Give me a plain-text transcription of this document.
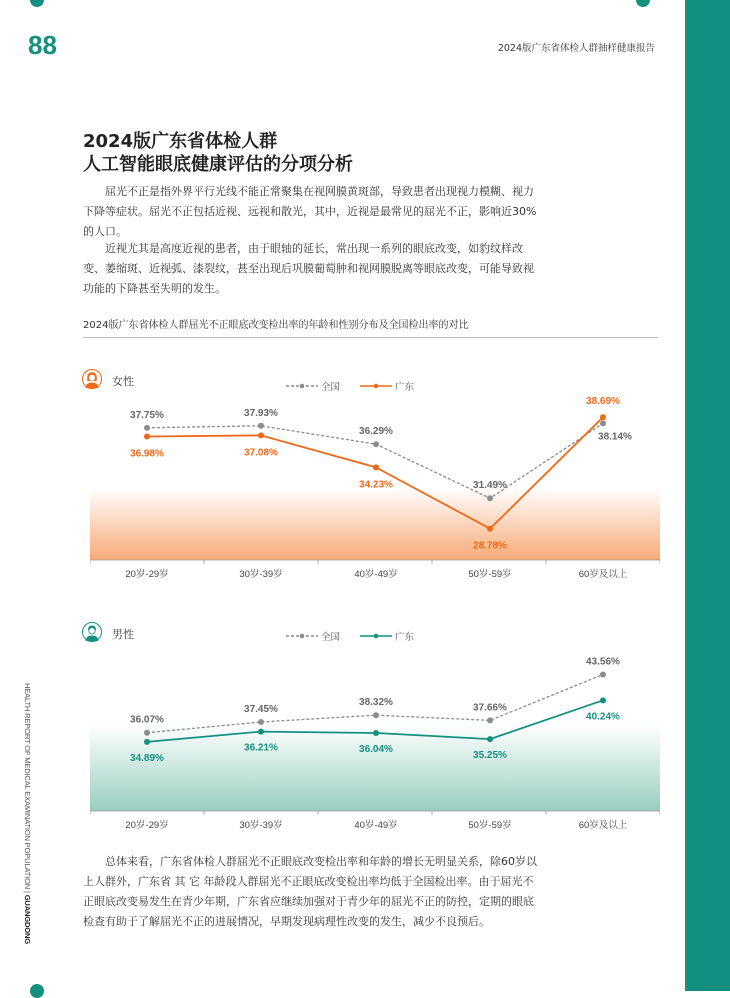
88	2024版广东省体检人群抽样健康报告
HEALTH REPORT OF MEDICAL EXAMINATION POPULATION | GUANGDONG
2024版广东省体检人群
人工智能眼底健康评估的分项分析
屈光不正是指外界平行光线不能正常聚集在视网膜黄斑部，导致患者出现视力模糊、视力下降等症状。屈光不正包括近视、远视和散光，其中，近视是最常见的屈光不正，影响近30%的人口。
近视尤其是高度近视的患者，由于眼轴的延长，常出现一系列的眼底改变，如豹纹样改变、萎缩斑、近视弧、漆裂纹，甚至出现后巩膜葡萄肿和视网膜脱离等眼底改变，可能导致视功能的下降甚至失明的发生。
2024版广东省体检人群屈光不正眼底改变检出率的年龄和性别分布及全国检出率的对比
女性	全国	广东
20岁-29岁	30岁-39岁	40岁-49岁	50岁-59岁	60岁及以上
37.75%	37.93%
36.29%
31.49%
38.14%
36.98%	37.08%
34.23%
28.78%
38.69%
男性	全国	广东
20岁-29岁	30岁-39岁	40岁-49岁	50岁-59岁	60岁及以上
36.07%
37.45%
38.32%	37.66%
43.56%
34.89%
36.21%	36.04%
35.25%
40.24%
总体来看，广东省体检人群屈光不正眼底改变检出率和年龄的增长无明显关系，除60岁以上人群外，广东省 其 它 年龄段人群屈光不正眼底改变检出率均低于全国检出率。由于屈光不正眼底改变易发生在青少年期，广东省应继续加强对于青少年的屈光不正的防控，定期的眼底检查有助于了解屈光不正的进展情况，早期发现病理性改变的发生，减少不良预后。
